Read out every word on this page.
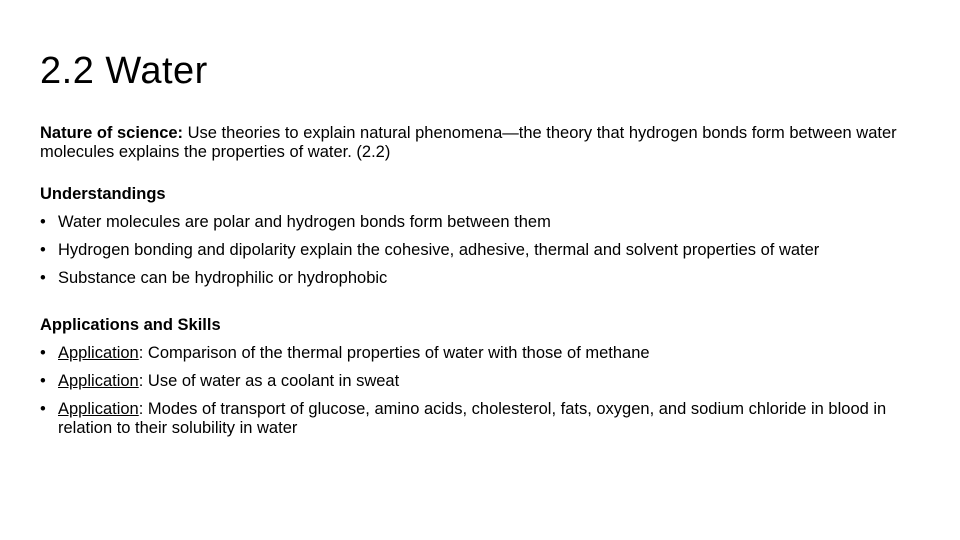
2.2 Water

Nature of science: Use theories to explain natural phenomena—the theory that hydrogen bonds form between water molecules explains the properties of water. (2.2)

Understandings

• Water molecules are polar and hydrogen bonds form between them
• Hydrogen bonding and dipolarity explain the cohesive, adhesive, thermal and solvent properties of water
• Substance can be hydrophilic or hydrophobic

Applications and Skills

• Application: Comparison of the thermal properties of water with those of methane
• Application: Use of water as a coolant in sweat
• Application: Modes of transport of glucose, amino acids, cholesterol, fats, oxygen, and sodium chloride in blood in relation to their solubility in water
